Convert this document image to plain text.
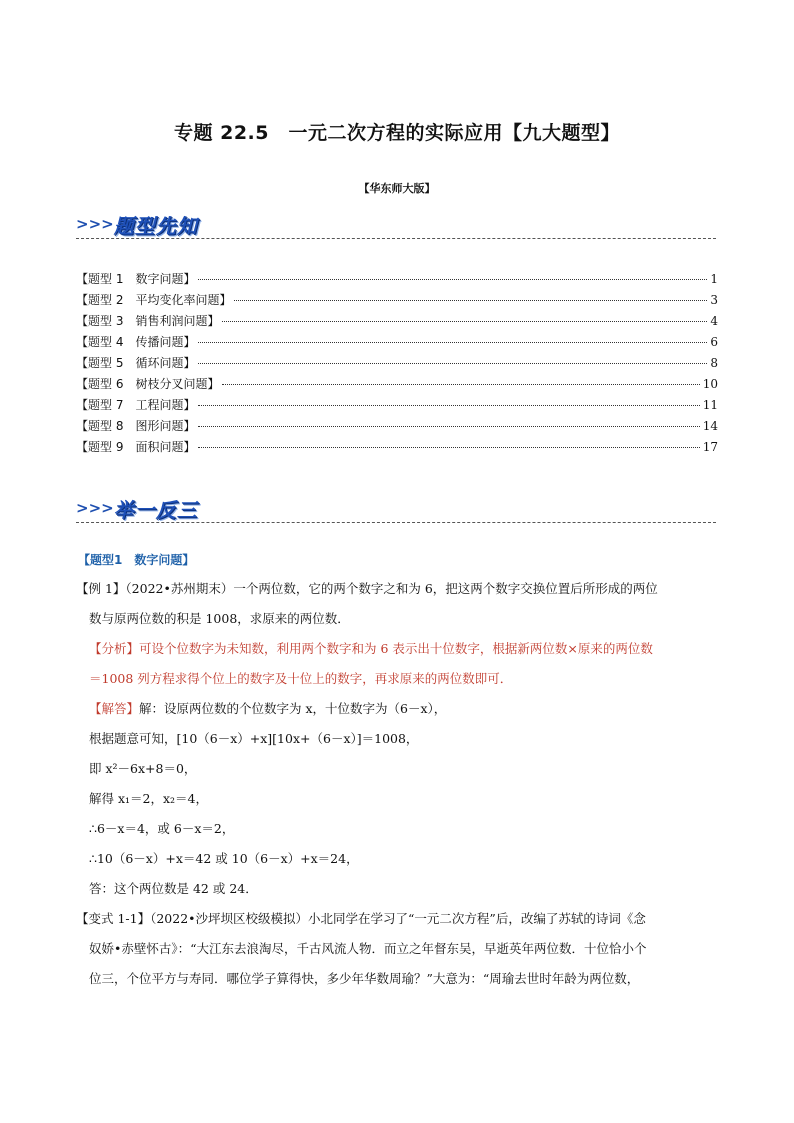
专题 22.5　一元二次方程的实际应用【九大题型】
【华东师大版】
>>> 题型先知
【题型 1　数字问题】	1
【题型 2　平均变化率问题】	3
【题型 3　销售利润问题】	4
【题型 4　传播问题】	6
【题型 5　循环问题】	8
【题型 6　树枝分叉问题】	10
【题型 7　工程问题】	11
【题型 8　图形问题】	14
【题型 9　面积问题】	17
>>> 举一反三
【题型1　数字问题】
【例 1】（2022•苏州期末）一个两位数，它的两个数字之和为 6，把这两个数字交换位置后所形成的两位
数与原两位数的积是 1008，求原来的两位数．
【分析】可设个位数字为未知数，利用两个数字和为 6 表示出十位数字，根据新两位数×原来的两位数
＝1008 列方程求得个位上的数字及十位上的数字，再求原来的两位数即可．
【解答】解：设原两位数的个位数字为 x，十位数字为（6－x），
根据题意可知，[10（6－x）+x][10x+（6－x）]＝1008，
即 x²－6x+8＝0，
解得 x₁＝2，x₂＝4，
∴6－x＝4，或 6－x＝2，
∴10（6－x）+x＝42 或 10（6－x）+x＝24，
答：这个两位数是 42 或 24．
【变式 1-1】（2022•沙坪坝区校级模拟）小北同学在学习了“一元二次方程”后，改编了苏轼的诗词《念
奴娇•赤壁怀古》：“大江东去浪淘尽，千古风流人物．而立之年督东吴，早逝英年两位数．十位恰小个
位三，个位平方与寿同．哪位学子算得快，多少年华数周瑜？”大意为：“周瑜去世时年龄为两位数，
